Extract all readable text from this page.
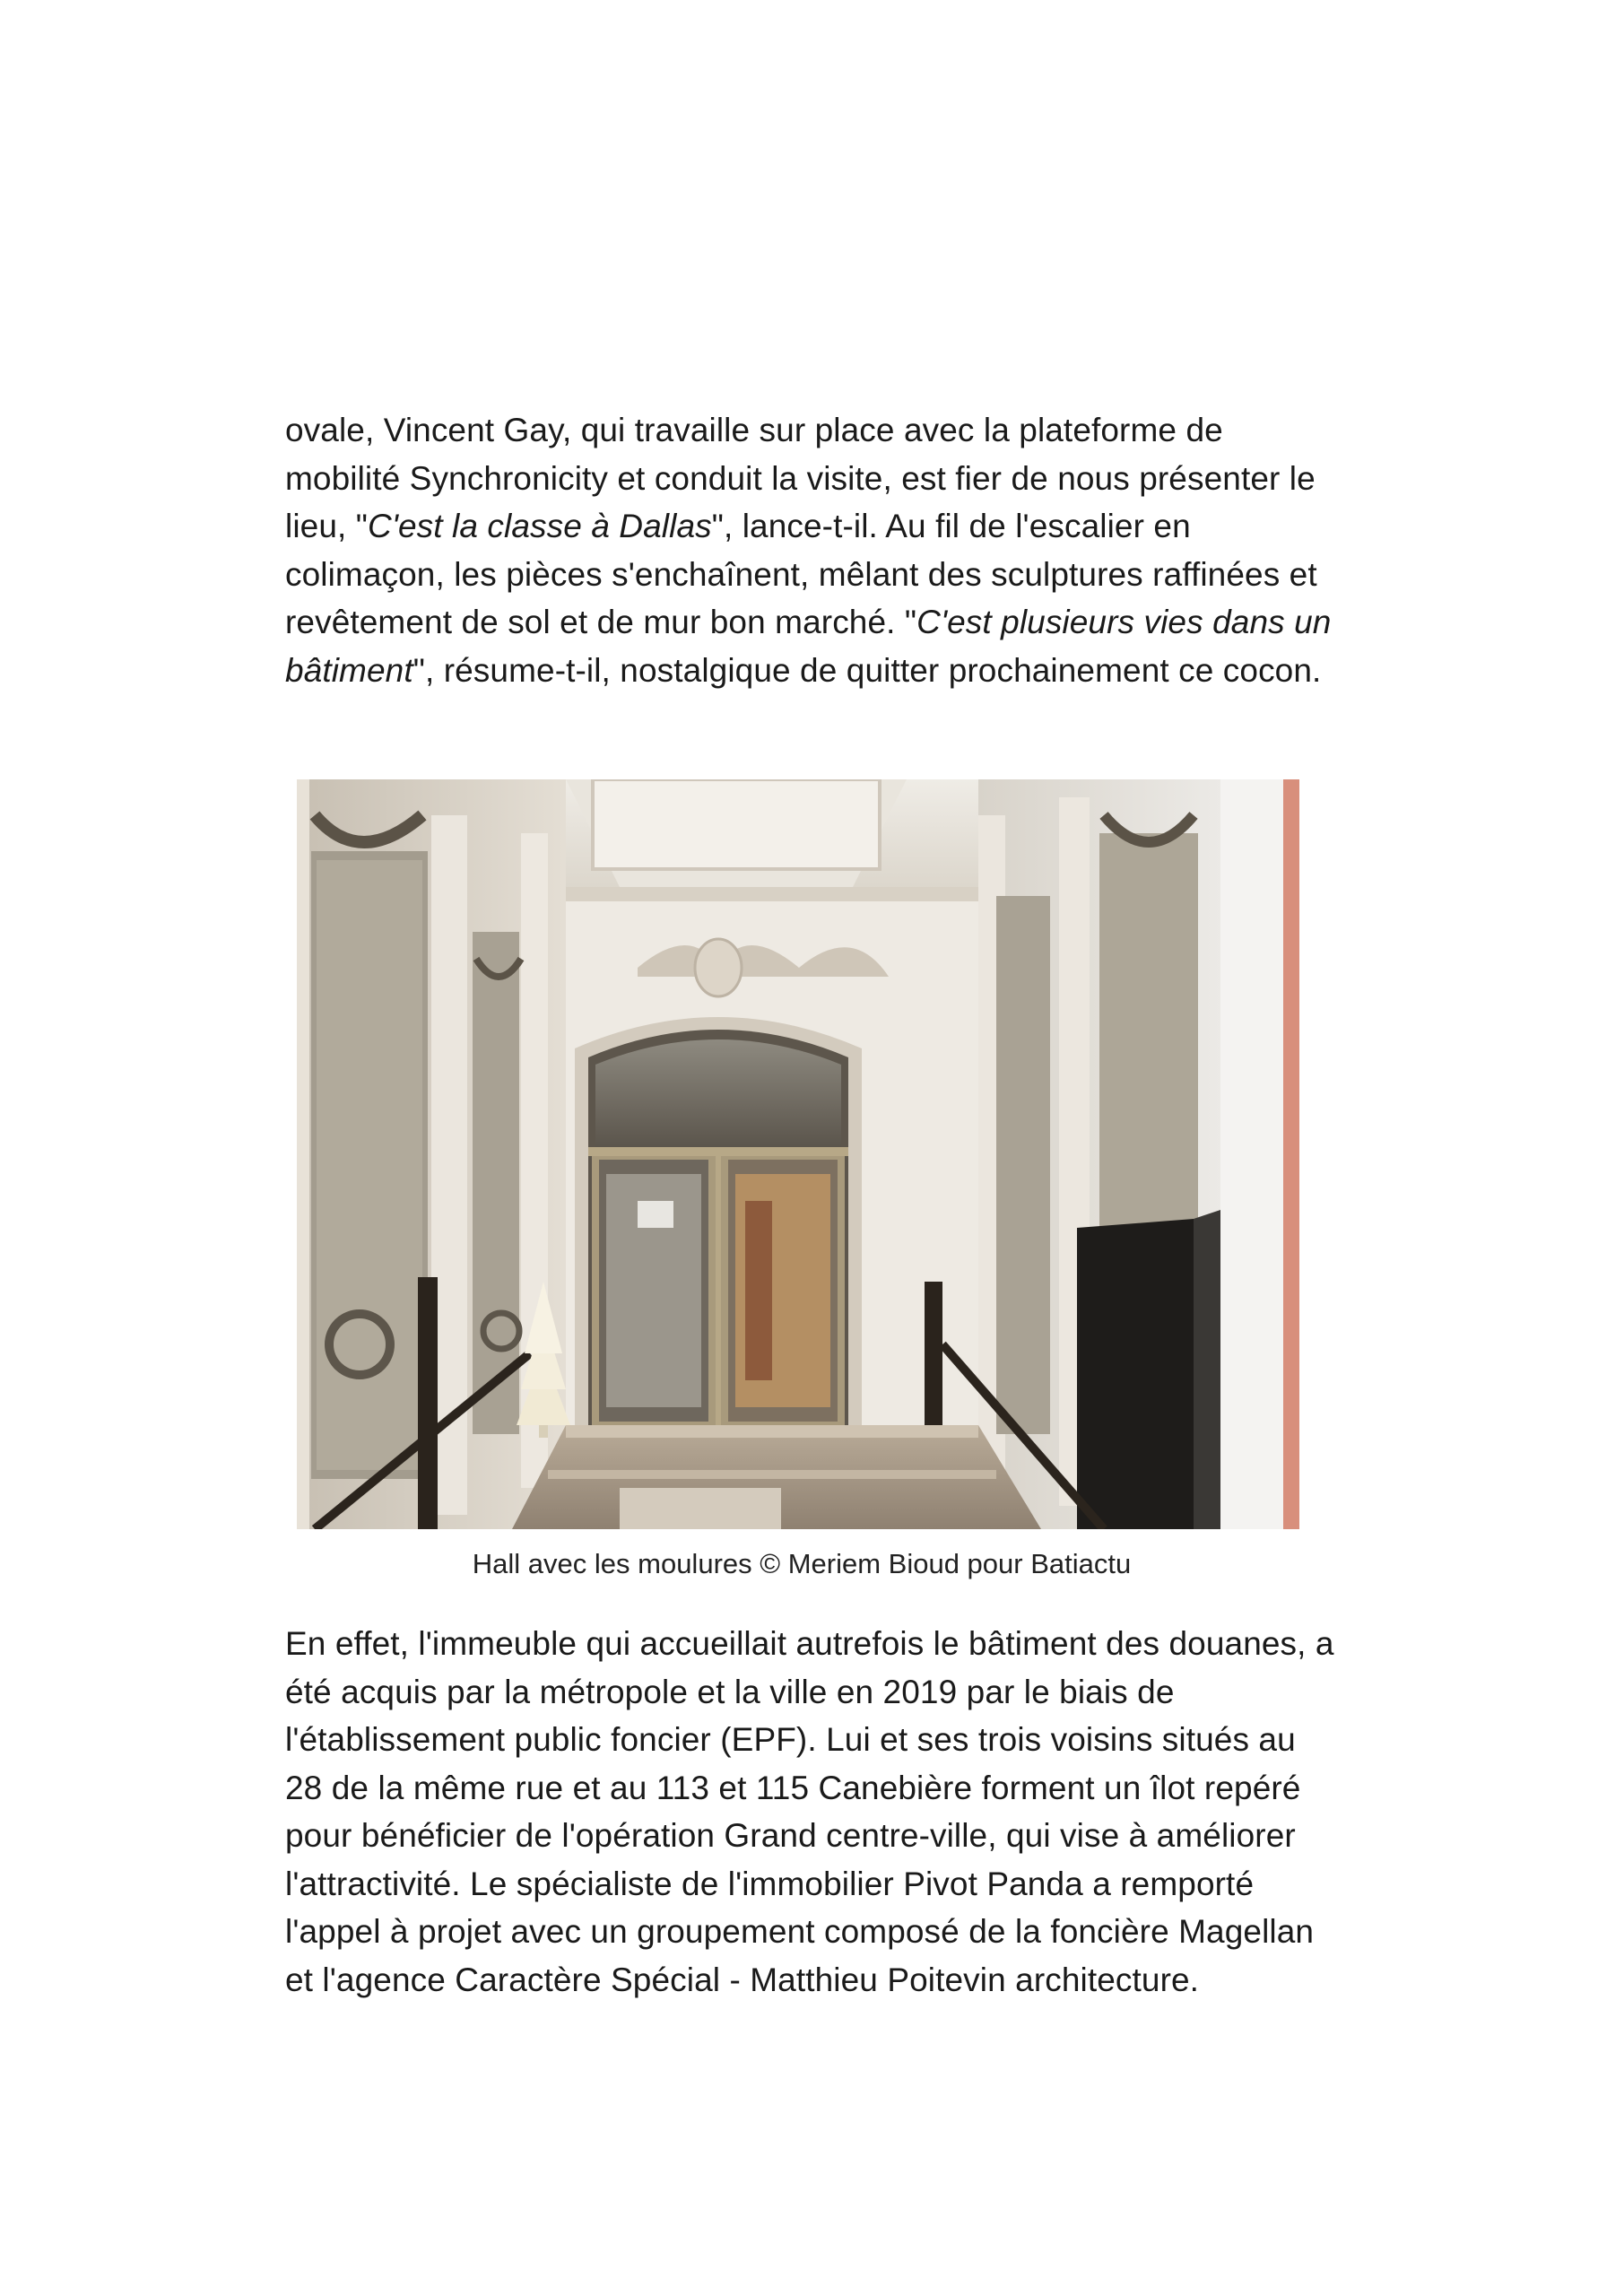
ovale, Vincent Gay, qui travaille sur place avec la plateforme de mobilité Synchronicity et conduit la visite, est fier de nous présenter le lieu, "C'est la classe à Dallas", lance-t-il. Au fil de l'escalier en colimaçon, les pièces s'enchaînent, mêlant des sculptures raffinées et revêtement de sol et de mur bon marché. "C'est plusieurs vies dans un bâtiment", résume-t-il, nostalgique de quitter prochainement ce cocon.

Hall avec les moulures © Meriem Bioud pour Batiactu

En effet, l'immeuble qui accueillait autrefois le bâtiment des douanes, a été acquis par la métropole et la ville en 2019 par le biais de l'établissement public foncier (EPF). Lui et ses trois voisins situés au 28 de la même rue et au 113 et 115 Canebière forment un îlot repéré pour bénéficier de l'opération Grand centre-ville, qui vise à améliorer l'attractivité. Le spécialiste de l'immobilier Pivot Panda a remporté l'appel à projet avec un groupement composé de la foncière Magellan et l'agence Caractère Spécial - Matthieu Poitevin architecture.
